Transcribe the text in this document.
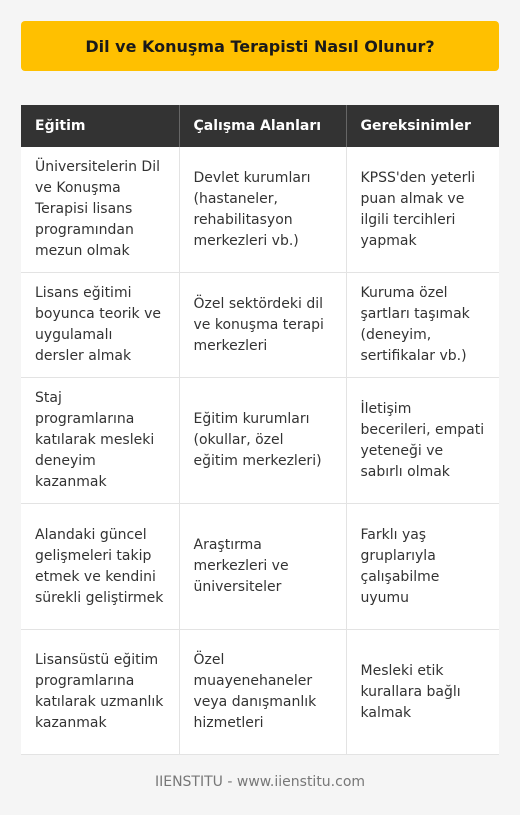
Dil ve Konuşma Terapisti Nasıl Olunur?
Eğitim	Çalışma Alanları	Gereksinimler
Üniversitelerin Dil ve Konuşma Terapisi lisans programından mezun olmak	Devlet kurumları (hastaneler, rehabilitasyon merkezleri vb.)	KPSS'den yeterli puan almak ve ilgili tercihleri yapmak
Lisans eğitimi boyunca teorik ve uygulamalı dersler almak	Özel sektördeki dil ve konuşma terapi merkezleri	Kuruma özel şartları taşımak (deneyim, sertifikalar vb.)
Staj programlarına katılarak mesleki deneyim kazanmak	Eğitim kurumları (okullar, özel eğitim merkezleri)	İletişim becerileri, empati yeteneği ve sabırlı olmak
Alandaki güncel gelişmeleri takip etmek ve kendini sürekli geliştirmek	Araştırma merkezleri ve üniversiteler	Farklı yaş gruplarıyla çalışabilme uyumu
Lisansüstü eğitim programlarına katılarak uzmanlık kazanmak	Özel muayenehaneler veya danışmanlık hizmetleri	Mesleki etik kurallara bağlı kalmak
IIENSTITU - www.iienstitu.com
